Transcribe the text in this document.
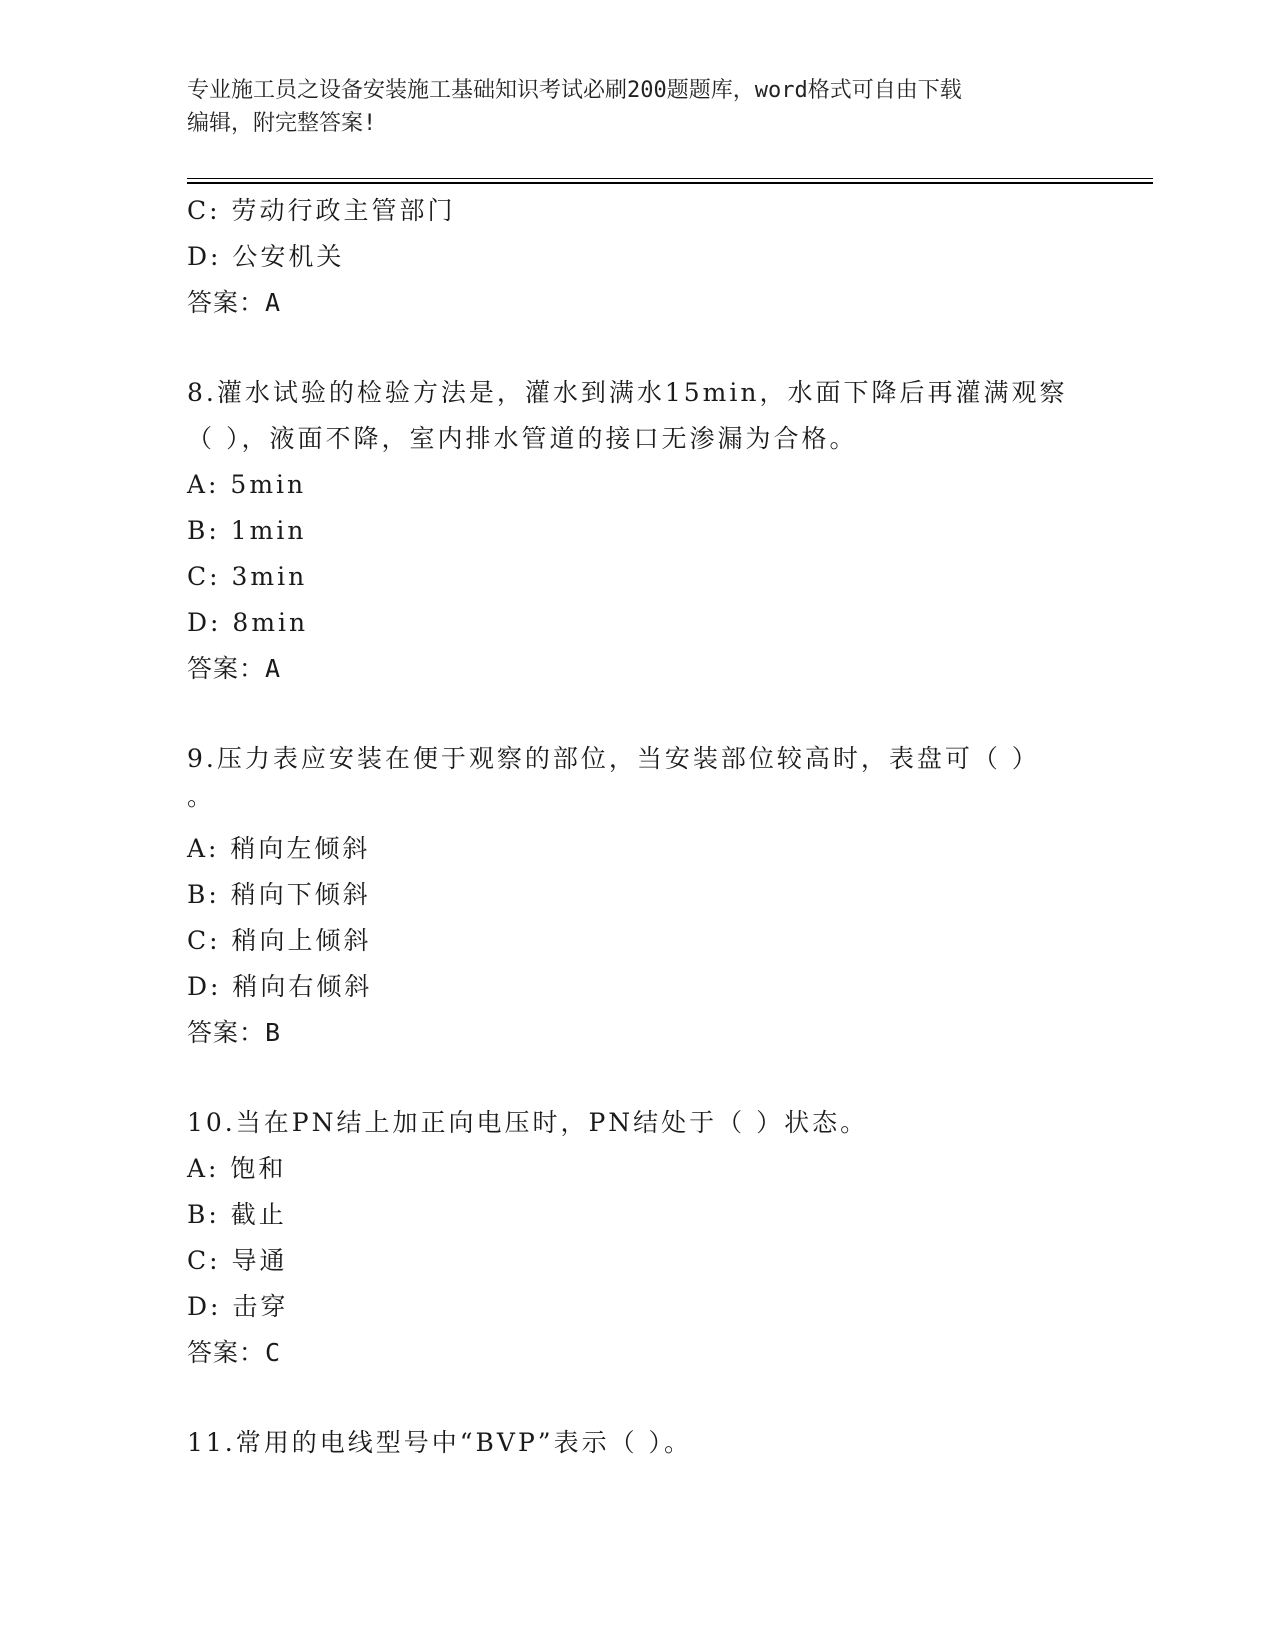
专业施工员之设备安装施工基础知识考试必刷200题题库，word格式可自由下载
编辑，附完整答案!
C: 劳动行政主管部门
D: 公安机关
答案：A
8.灌水试验的检验方法是，灌水到满水15min，水面下降后再灌满观察
（ ），液面不降，室内排水管道的接口无渗漏为合格。
A: 5min
B: 1min
C: 3min
D: 8min
答案：A
9.压力表应安装在便于观察的部位，当安装部位较高时，表盘可（ ）
。
A: 稍向左倾斜
B: 稍向下倾斜
C: 稍向上倾斜
D: 稍向右倾斜
答案：B
10.当在PN结上加正向电压时，PN结处于（ ）状态。
A: 饱和
B: 截止
C: 导通
D: 击穿
答案：C
11.常用的电线型号中“BVP”表示（ ）。
